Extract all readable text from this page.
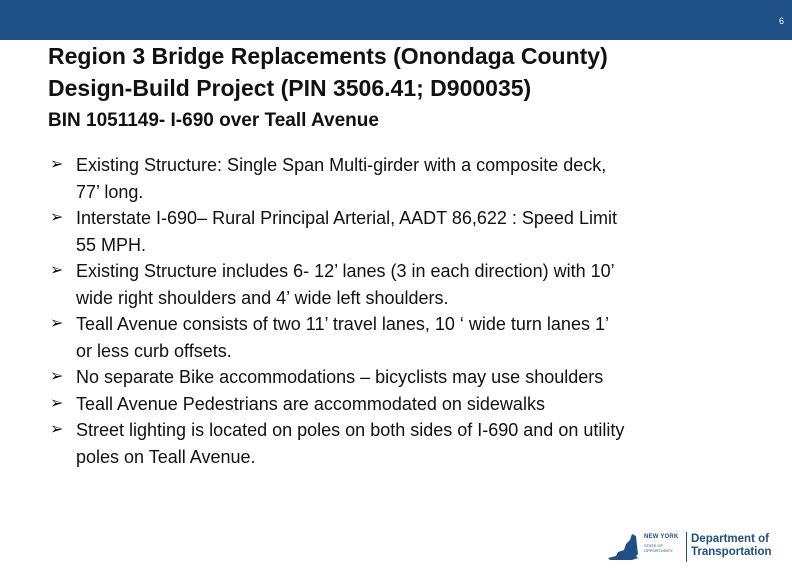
6
Region 3 Bridge Replacements (Onondaga County)
Design-Build Project (PIN 3506.41; D900035)
BIN 1051149- I-690 over Teall Avenue
➢ Existing Structure: Single Span Multi-girder with a composite deck,
77’ long.
➢ Interstate I-690– Rural Principal Arterial, AADT 86,622 : Speed Limit
55 MPH.
➢ Existing Structure includes 6- 12’ lanes (3 in each direction) with 10’
wide right shoulders and 4’ wide left shoulders.
➢ Teall Avenue consists of two 11’ travel lanes, 10 ‘ wide turn lanes 1’
or less curb offsets.
➢ No separate Bike accommodations – bicyclists may use shoulders
➢ Teall Avenue Pedestrians are accommodated on sidewalks
➢ Street lighting is located on poles on both sides of I-690 and on utility
poles on Teall Avenue.
NEW YORK
STATE OF OPPORTUNITY.
Department of
Transportation
